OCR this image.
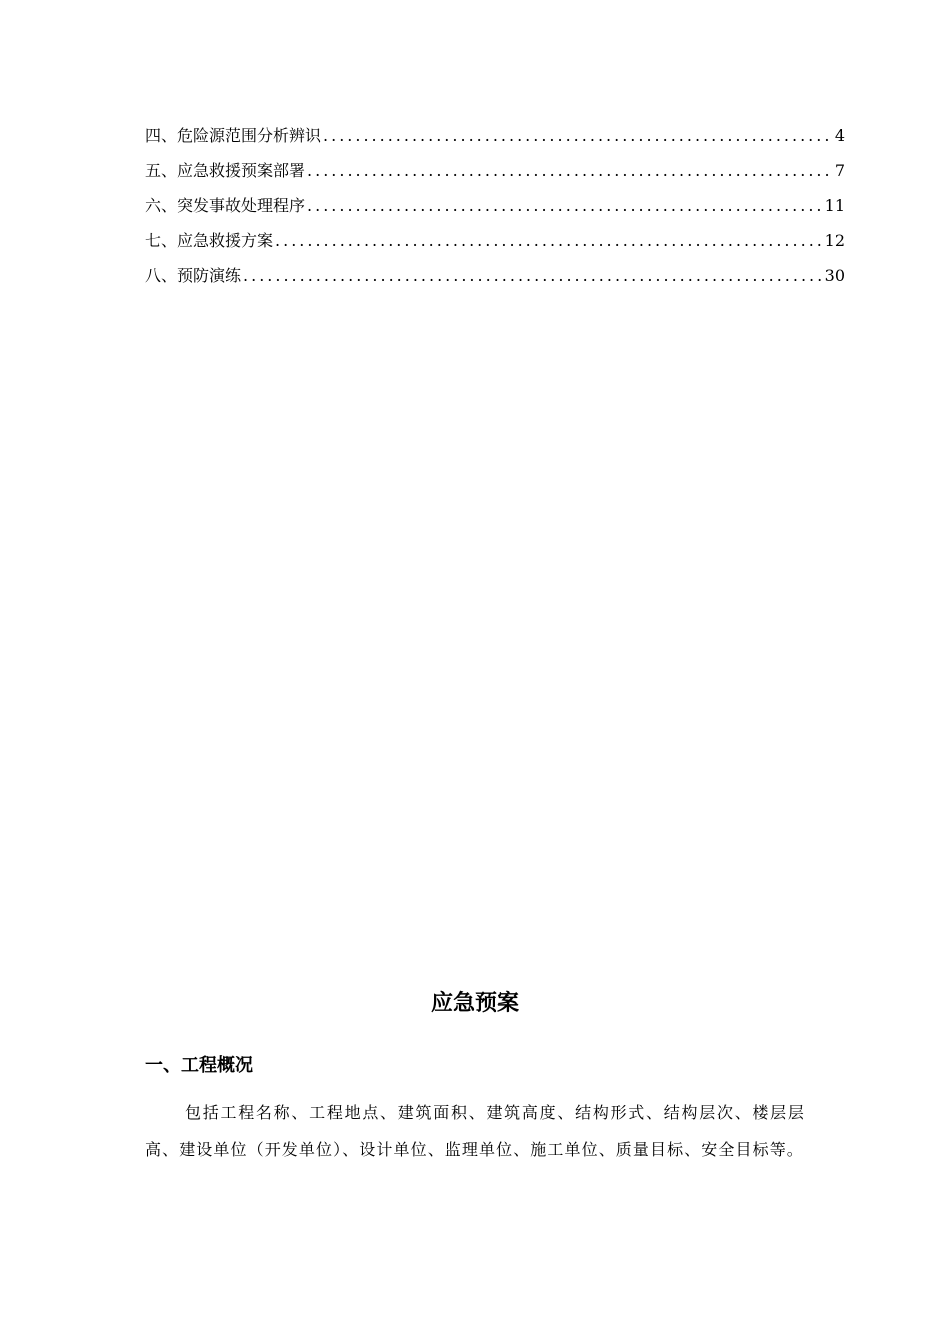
四、危险源范围分析辨识 .....	4
五、应急救援预案部署 .....	7
六、突发事故处理程序 .....	11
七、应急救援方案 .....	12
八、预防演练 .....	30
应急预案
一、工程概况

包括工程名称、工程地点、建筑面积、建筑高度、结构形式、结构层次、楼层层高、建设单位（开发单位）、设计单位、监理单位、施工单位、质量目标、安全目标等。
